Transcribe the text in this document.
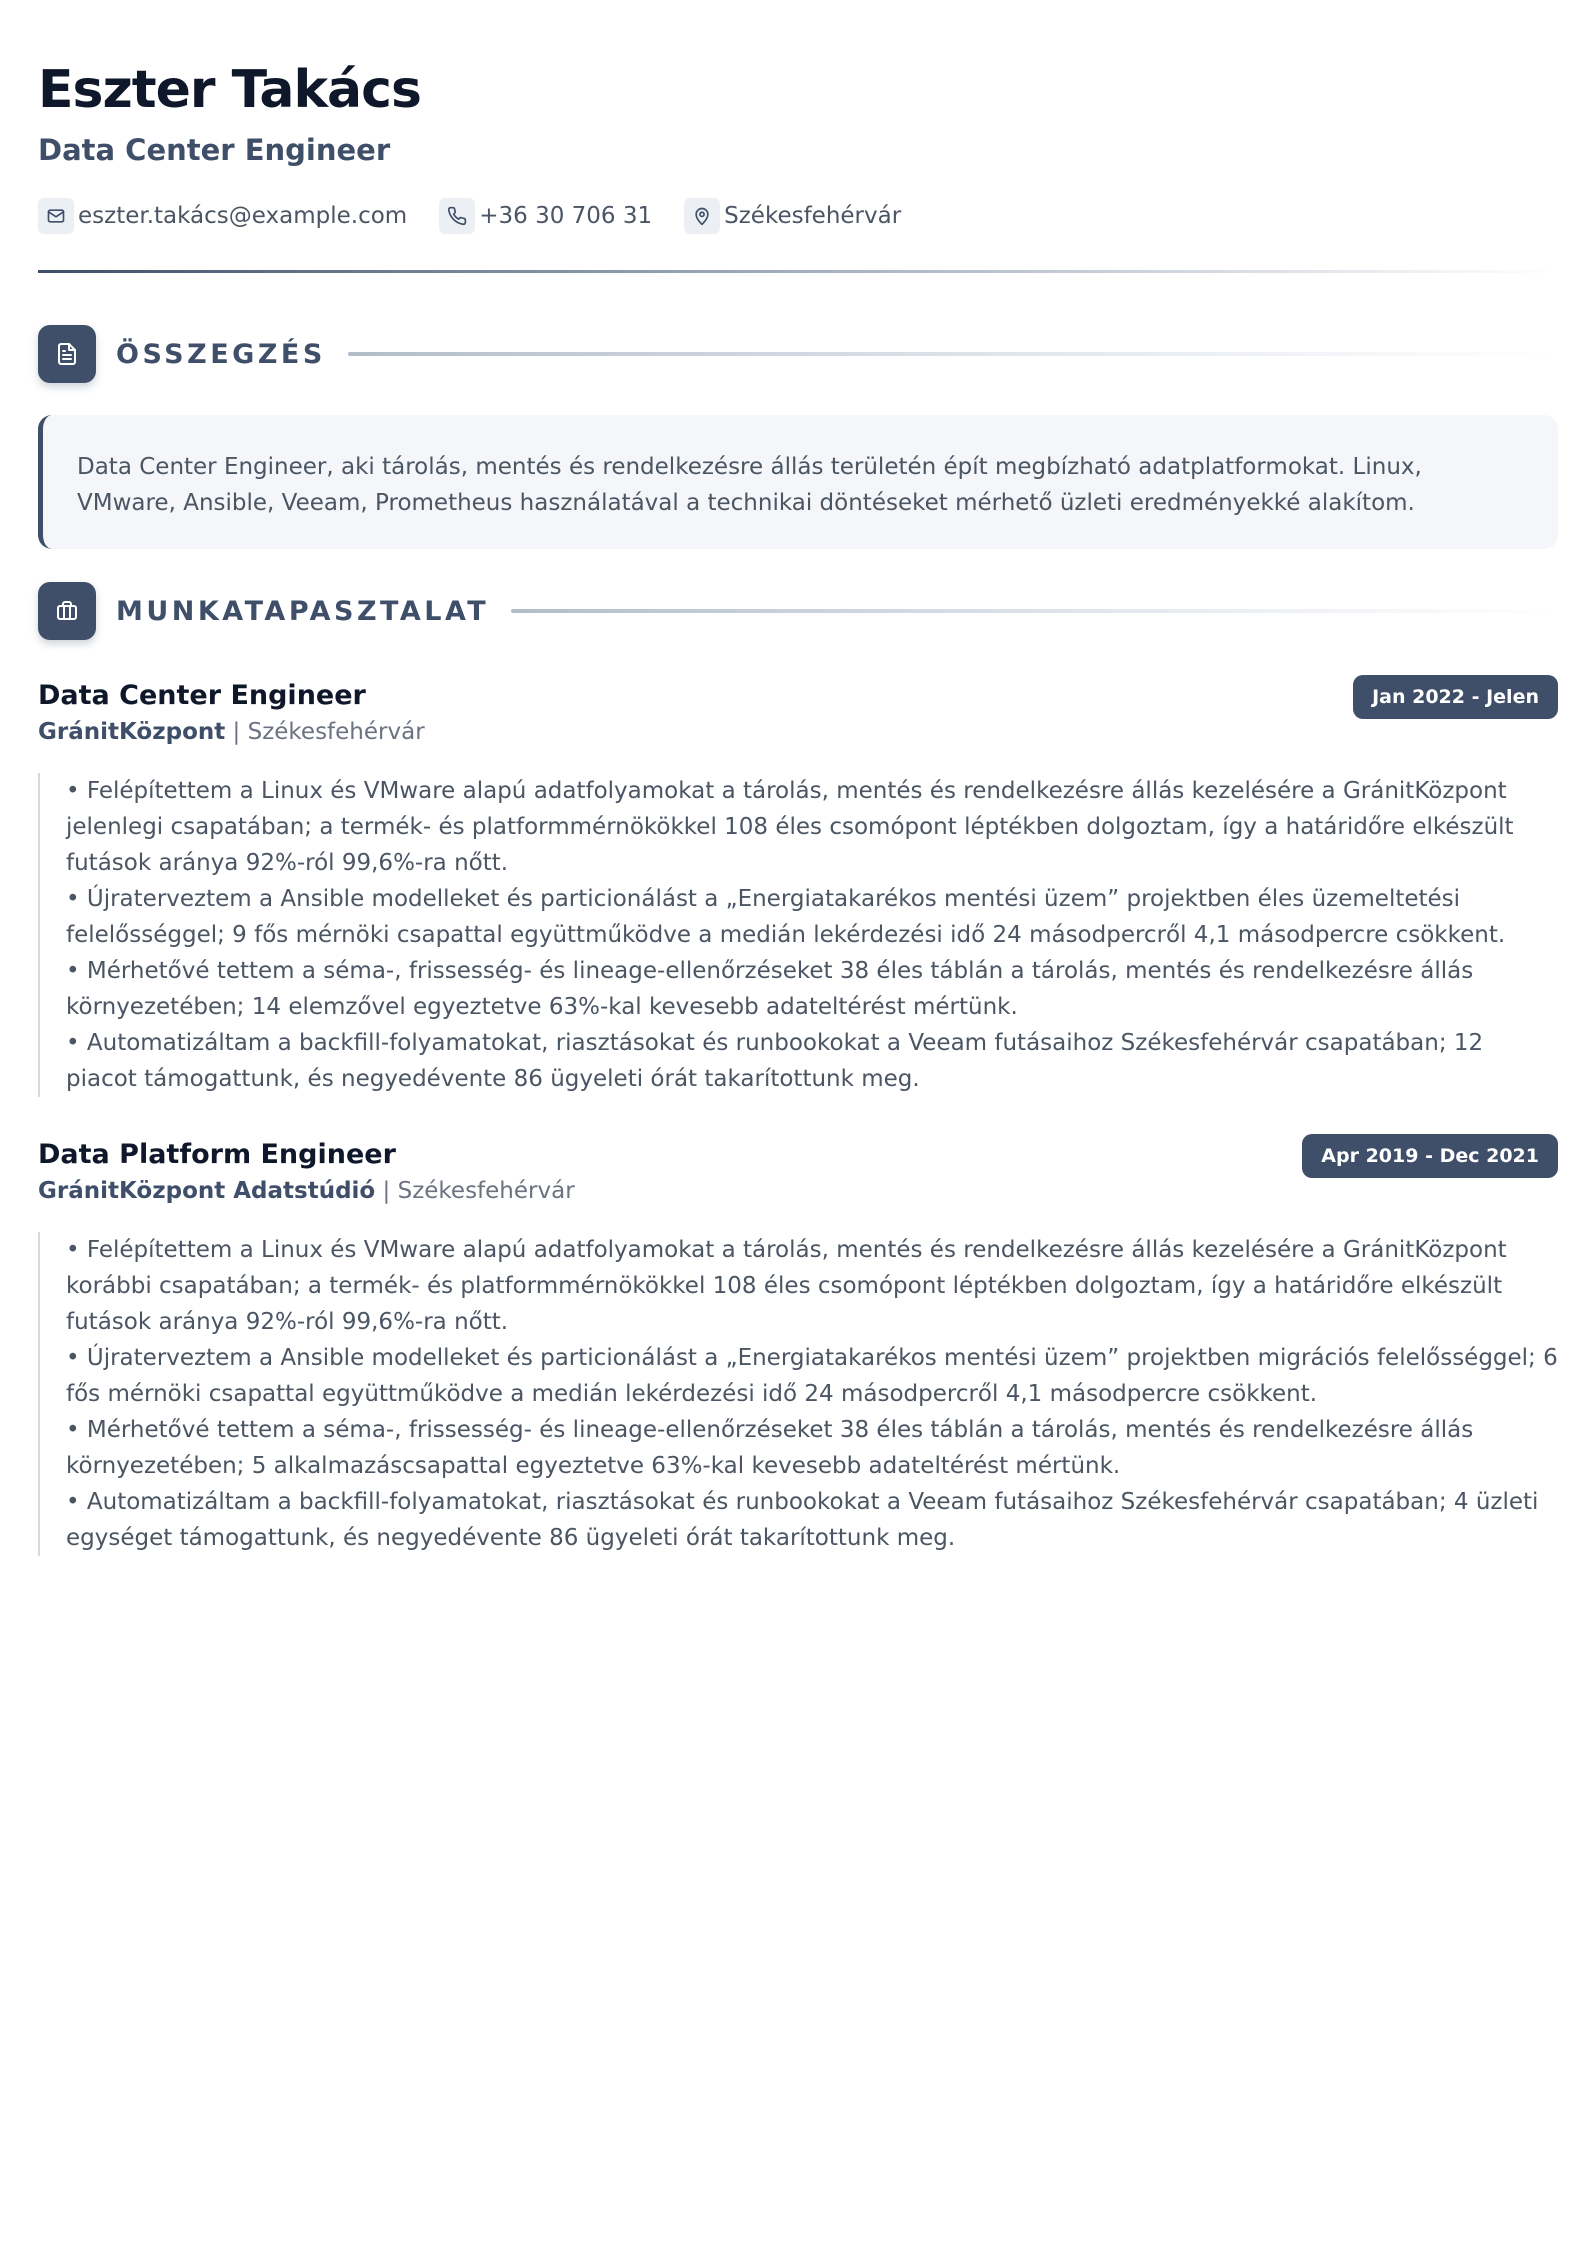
Eszter Takács
Data Center Engineer
eszter.takács@example.com	+36 30 706 31	Székesfehérvár
ÖSSZEGZÉS
Data Center Engineer, aki tárolás, mentés és rendelkezésre állás területén épít megbízható adatplatformokat. Linux, VMware, Ansible, Veeam, Prometheus használatával a technikai döntéseket mérhető üzleti eredményekké alakítom.
MUNKATAPASZTALAT
Data Center Engineer
GránitKözpont | Székesfehérvár
Jan 2022 - Jelen
• Felépítettem a Linux és VMware alapú adatfolyamokat a tárolás, mentés és rendelkezésre állás kezelésére a GránitKözpont jelenlegi csapatában; a termék- és platformmérnökökkel 108 éles csomópont léptékben dolgoztam, így a határidőre elkészült futások aránya 92%-ról 99,6%-ra nőtt.
• Újraterveztem a Ansible modelleket és particionálást a „Energiatakarékos mentési üzem” projektben éles üzemeltetési felelősséggel; 9 fős mérnöki csapattal együttműködve a medián lekérdezési idő 24 másodpercről 4,1 másodpercre csökkent.
• Mérhetővé tettem a séma-, frissesség- és lineage-ellenőrzéseket 38 éles táblán a tárolás, mentés és rendelkezésre állás környezetében; 14 elemzővel egyeztetve 63%-kal kevesebb adateltérést mértünk.
• Automatizáltam a backfill-folyamatokat, riasztásokat és runbookokat a Veeam futásaihoz Székesfehérvár csapatában; 12 piacot támogattunk, és negyedévente 86 ügyeleti órát takarítottunk meg.
Data Platform Engineer
GránitKözpont Adatstúdió | Székesfehérvár
Apr 2019 - Dec 2021
• Felépítettem a Linux és VMware alapú adatfolyamokat a tárolás, mentés és rendelkezésre állás kezelésére a GránitKözpont korábbi csapatában; a termék- és platformmérnökökkel 108 éles csomópont léptékben dolgoztam, így a határidőre elkészült futások aránya 92%-ról 99,6%-ra nőtt.
• Újraterveztem a Ansible modelleket és particionálást a „Energiatakarékos mentési üzem” projektben migrációs felelősséggel; 6 fős mérnöki csapattal együttműködve a medián lekérdezési idő 24 másodpercről 4,1 másodpercre csökkent.
• Mérhetővé tettem a séma-, frissesség- és lineage-ellenőrzéseket 38 éles táblán a tárolás, mentés és rendelkezésre állás környezetében; 5 alkalmazáscsapattal egyeztetve 63%-kal kevesebb adateltérést mértünk.
• Automatizáltam a backfill-folyamatokat, riasztásokat és runbookokat a Veeam futásaihoz Székesfehérvár csapatában; 4 üzleti egységet támogattunk, és negyedévente 86 ügyeleti órát takarítottunk meg.
